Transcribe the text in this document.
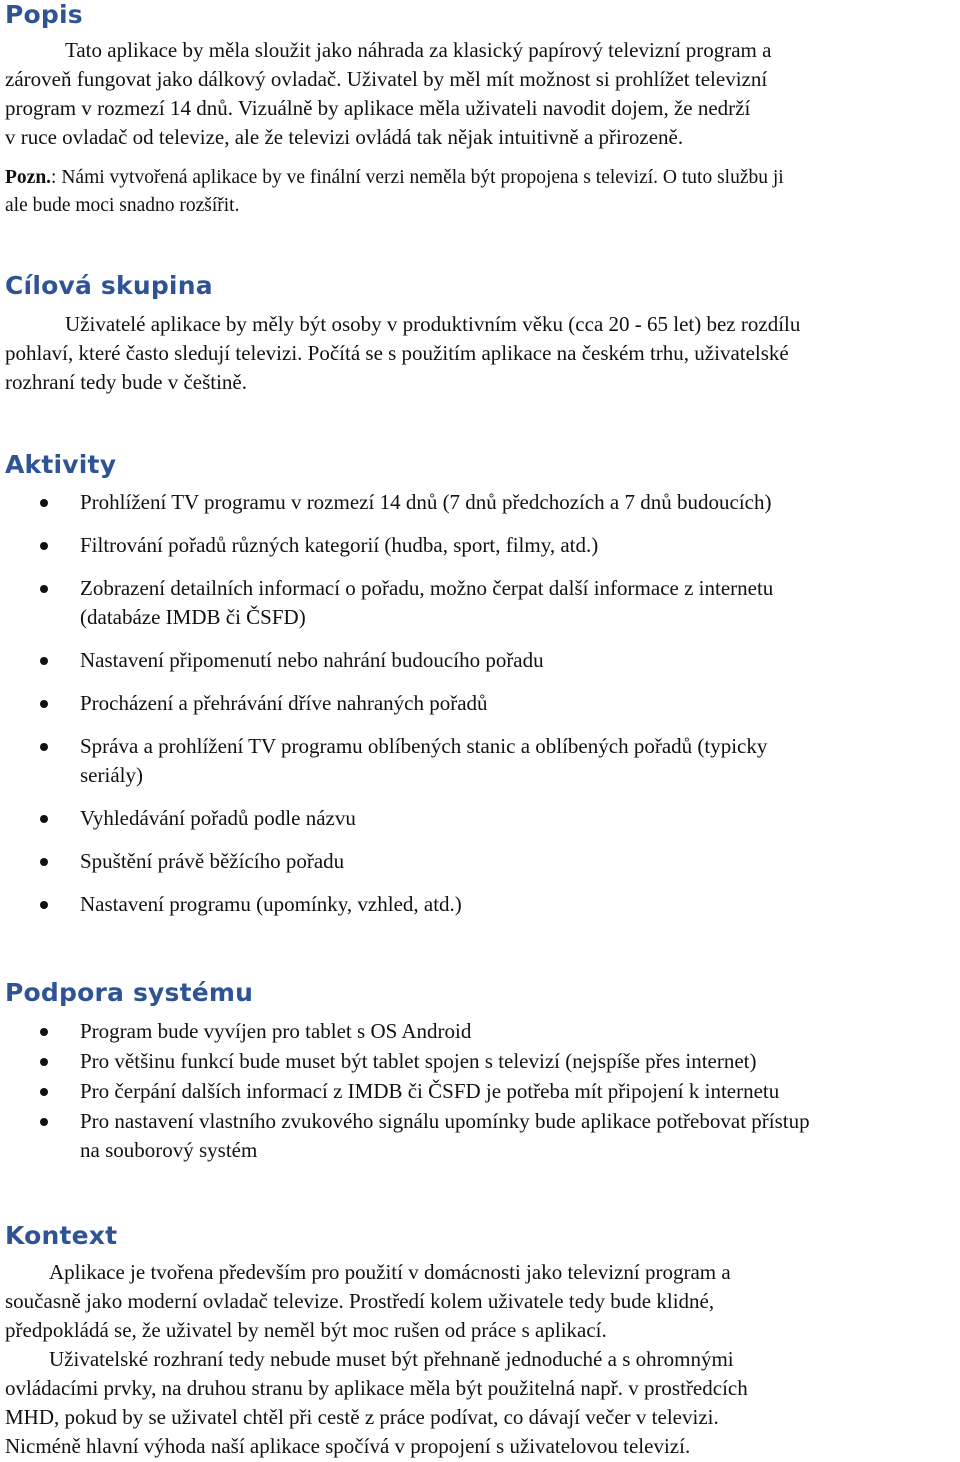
Popis

Tato aplikace by měla sloužit jako náhrada za klasický papírový televizní program a

zároveň fungovat jako dálkový ovladač. Uživatel by měl mít možnost si prohlížet televizní

program v rozmezí 14 dnů. Vizuálně by aplikace měla uživateli navodit dojem, že nedrží

v ruce ovladač od televize, ale že televizi ovládá tak nějak intuitivně a přirozeně.

Pozn.: Námi vytvořená aplikace by ve finální verzi neměla být propojena s televizí. O tuto službu ji

ale bude moci snadno rozšířit.

Cílová skupina

Uživatelé aplikace by měly být osoby v produktivním věku (cca 20 - 65 let) bez rozdílu

pohlaví, které často sledují televizi. Počítá se s použitím aplikace na českém trhu, uživatelské

rozhraní tedy bude v češtině.

Aktivity
Prohlížení TV programu v rozmezí 14 dnů (7 dnů předchozích a 7 dnů budoucích)
Filtrování pořadů různých kategorií (hudba, sport, filmy, atd.)
Zobrazení detailních informací o pořadu, možno čerpat další informace z internetu
(databáze IMDB či ČSFD)
Nastavení připomenutí nebo nahrání budoucího pořadu
Procházení a přehrávání dříve nahraných pořadů
Správa a prohlížení TV programu oblíbených stanic a oblíbených pořadů (typicky
seriály)
Vyhledávání pořadů podle názvu
Spuštění právě běžícího pořadu
Nastavení programu (upomínky, vzhled, atd.)
Podpora systému
Program bude vyvíjen pro tablet s OS Android
Pro většinu funkcí bude muset být tablet spojen s televizí (nejspíše přes internet)
Pro čerpání dalších informací z IMDB či ČSFD je potřeba mít připojení k internetu
Pro nastavení vlastního zvukového signálu upomínky bude aplikace potřebovat přístup
na souborový systém
Kontext

Aplikace je tvořena především pro použití v domácnosti jako televizní program a

současně jako moderní ovladač televize. Prostředí kolem uživatele tedy bude klidné,

předpokládá se, že uživatel by neměl být moc rušen od práce s aplikací.

Uživatelské rozhraní tedy nebude muset být přehnaně jednoduché a s ohromnými

ovládacími prvky, na druhou stranu by aplikace měla být použitelná např. v prostředcích

MHD, pokud by se uživatel chtěl při cestě z práce podívat, co dávají večer v televizi.

Nicméně hlavní výhoda naší aplikace spočívá v propojení s uživatelovou televizí.
